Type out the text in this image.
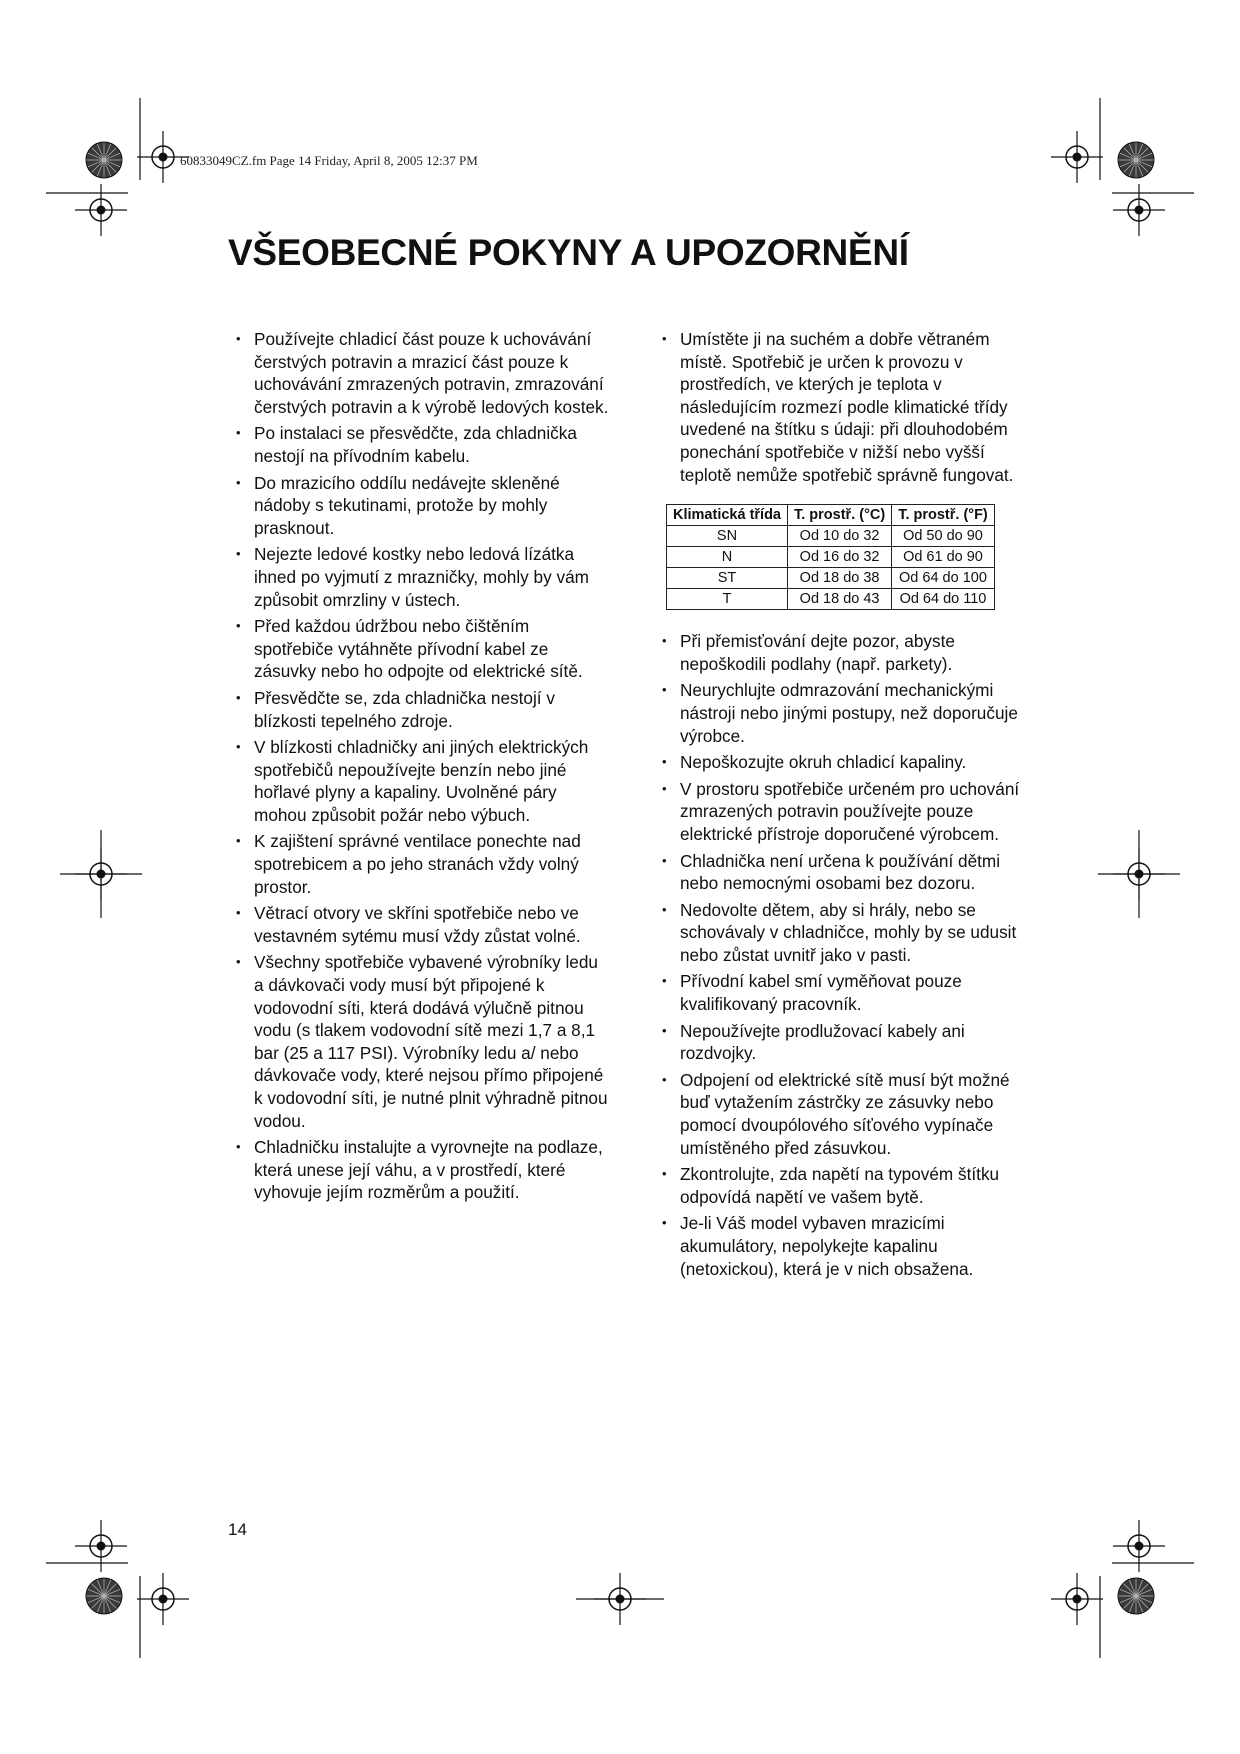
60833049CZ.fm Page 14 Friday, April 8, 2005 12:37 PM
VŠEOBECNÉ POKYNY A UPOZORNĚNÍ
• Používejte chladicí část pouze k uchovávání čerstvých potravin a mrazicí část pouze k uchovávání zmrazených potravin, zmrazování čerstvých potravin a k výrobě ledových kostek.
• Po instalaci se přesvědčte, zda chladnička nestojí na přívodním kabelu.
• Do mrazicího oddílu nedávejte skleněné nádoby s tekutinami, protože by mohly prasknout.
• Nejezte ledové kostky nebo ledová lízátka ihned po vyjmutí z mrazničky, mohly by vám způsobit omrzliny v ústech.
• Před každou údržbou nebo čištěním spotřebiče vytáhněte přívodní kabel ze zásuvky nebo ho odpojte od elektrické sítě.
• Přesvědčte se, zda chladnička nestojí v blízkosti tepelného zdroje.
• V blízkosti chladničky ani jiných elektrických spotřebičů nepoužívejte benzín nebo jiné hořlavé plyny a kapaliny. Uvolněné páry mohou způsobit požár nebo výbuch.
• K zajištení správné ventilace ponechte nad spotrebicem a po jeho stranách vždy volný prostor.
• Větrací otvory ve skříni spotřebiče nebo ve vestavném sytému musí vždy zůstat volné.
• Všechny spotřebiče vybavené výrobníky ledu a dávkovači vody musí být připojené k vodovodní síti, která dodává výlučně pitnou vodu (s tlakem vodovodní sítě mezi 1,7 a 8,1 bar (25 a 117 PSI). Výrobníky ledu a/ nebo dávkovače vody, které nejsou přímo připojené k vodovodní síti, je nutné plnit výhradně pitnou vodou.
• Chladničku instalujte a vyrovnejte na podlaze, která unese její váhu, a v prostředí, které vyhovuje jejím rozměrům a použití.
• Umístěte ji na suchém a dobře větraném místě. Spotřebič je určen k provozu v prostředích, ve kterých je teplota v následujícím rozmezí podle klimatické třídy uvedené na štítku s údaji: při dlouhodobém ponechání spotřebiče v nižší nebo vyšší teplotě nemůže spotřebič správně fungovat.
Klimatická třída	T. prostř. (°C)	T. prostř. (°F)
SN	Od 10 do 32	Od 50 do 90
N	Od 16 do 32	Od 61 do 90
ST	Od 18 do 38	Od 64 do 100
T	Od 18 do 43	Od 64 do 110
• Při přemisťování dejte pozor, abyste nepoškodili podlahy (např. parkety).
• Neurychlujte odmrazování mechanickými nástroji nebo jinými postupy, než doporučuje výrobce.
• Nepoškozujte okruh chladicí kapaliny.
• V prostoru spotřebiče určeném pro uchování zmrazených potravin používejte pouze elektrické přístroje doporučené výrobcem.
• Chladnička není určena k používání dětmi nebo nemocnými osobami bez dozoru.
• Nedovolte dětem, aby si hrály, nebo se schovávaly v chladničce, mohly by se udusit nebo zůstat uvnitř jako v pasti.
• Přívodní kabel smí vyměňovat pouze kvalifikovaný pracovník.
• Nepoužívejte prodlužovací kabely ani rozdvojky.
• Odpojení od elektrické sítě musí být možné buď vytažením zástrčky ze zásuvky nebo pomocí dvoupólového síťového vypínače umístěného před zásuvkou.
• Zkontrolujte, zda napětí na typovém štítku odpovídá napětí ve vašem bytě.
• Je-li Váš model vybaven mrazicími akumulátory, nepolykejte kapalinu (netoxickou), která je v nich obsažena.
14
